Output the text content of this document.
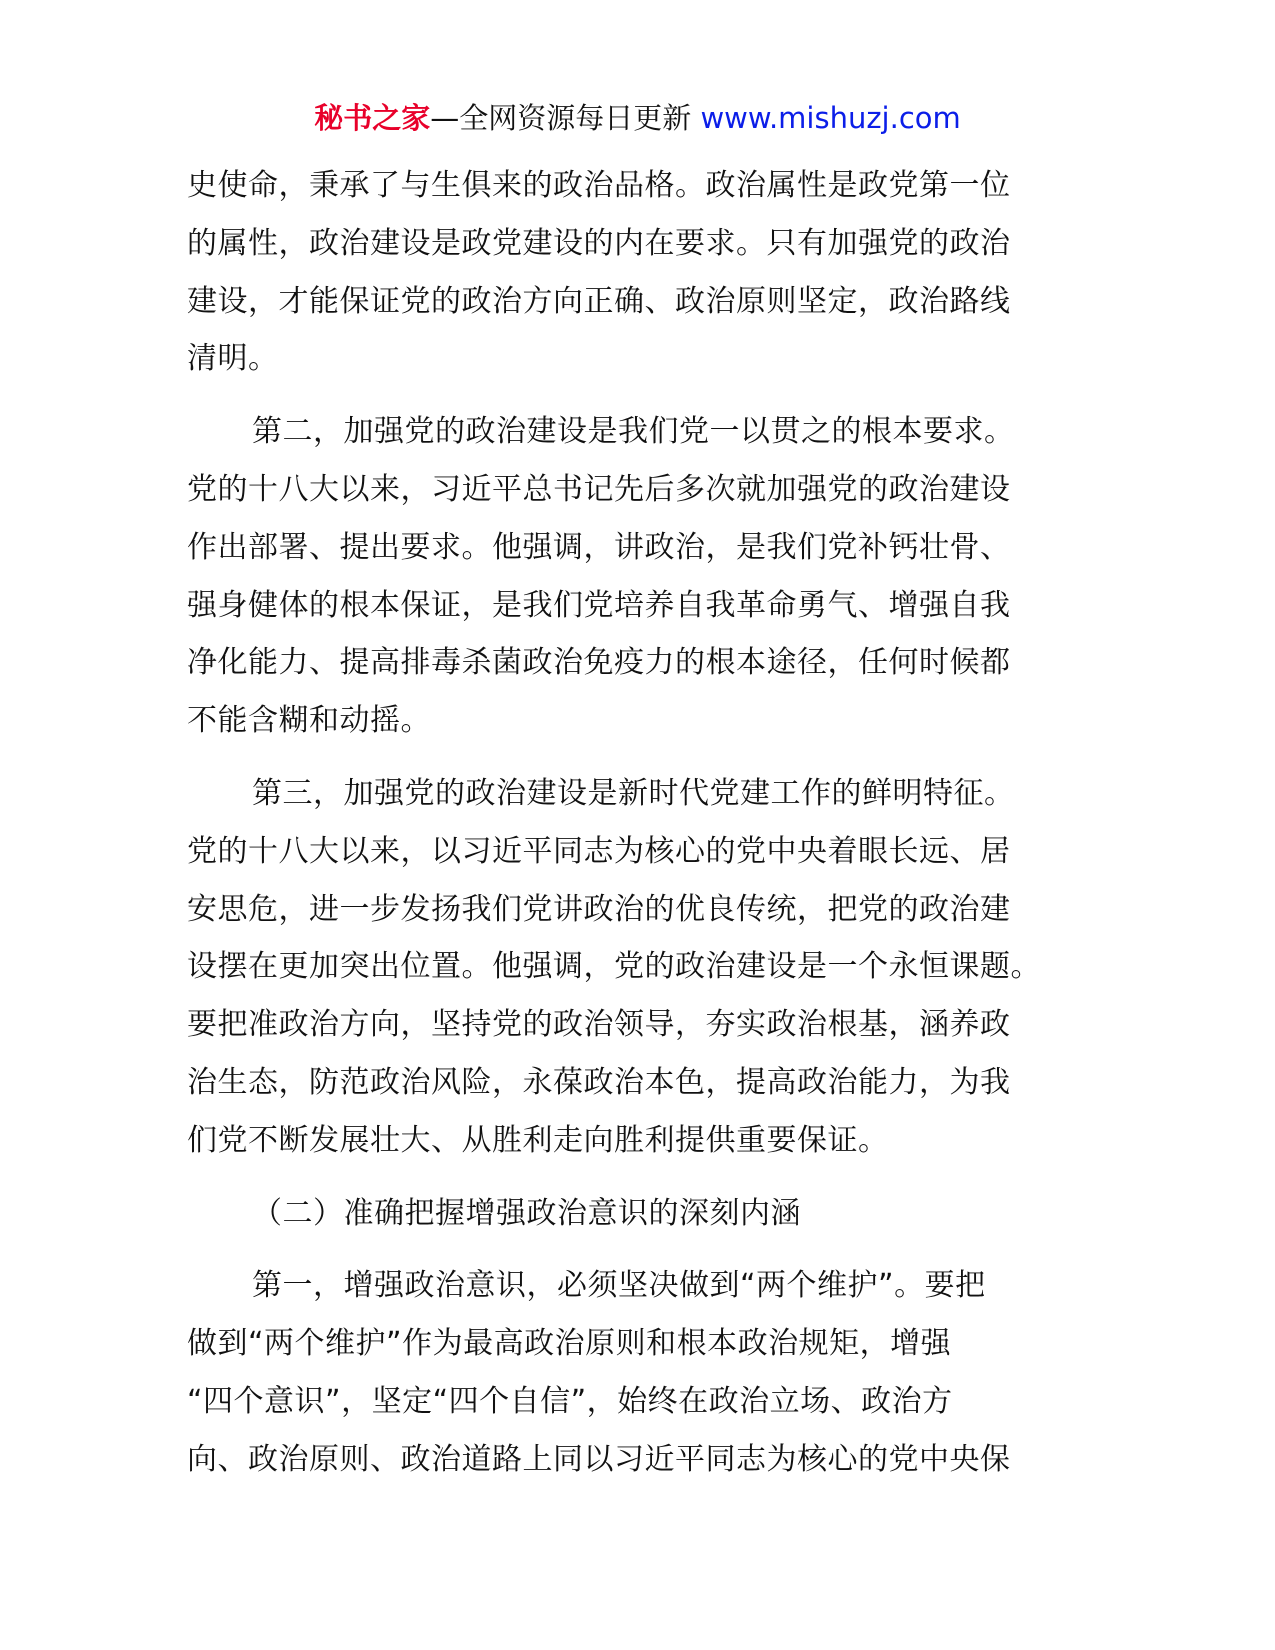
秘书之家—全网资源每日更新 www.mishuzj.com

史使命，秉承了与生俱来的政治品格。政治属性是政党第一位
的属性，政治建设是政党建设的内在要求。只有加强党的政治
建设，才能保证党的政治方向正确、政治原则坚定，政治路线
清明。

第二，加强党的政治建设是我们党一以贯之的根本要求。
党的十八大以来，习近平总书记先后多次就加强党的政治建设
作出部署、提出要求。他强调，讲政治，是我们党补钙壮骨、
强身健体的根本保证，是我们党培养自我革命勇气、增强自我
净化能力、提高排毒杀菌政治免疫力的根本途径，任何时候都
不能含糊和动摇。

第三，加强党的政治建设是新时代党建工作的鲜明特征。
党的十八大以来，以习近平同志为核心的党中央着眼长远、居
安思危，进一步发扬我们党讲政治的优良传统，把党的政治建
设摆在更加突出位置。他强调，党的政治建设是一个永恒课题。
要把准政治方向，坚持党的政治领导，夯实政治根基，涵养政
治生态，防范政治风险，永葆政治本色，提高政治能力，为我
们党不断发展壮大、从胜利走向胜利提供重要保证。

（二）准确把握增强政治意识的深刻内涵

第一，增强政治意识，必须坚决做到“两个维护”。要把
做到“两个维护”作为最高政治原则和根本政治规矩，增强
“四个意识”，坚定“四个自信”，始终在政治立场、政治方
向、政治原则、政治道路上同以习近平同志为核心的党中央保
